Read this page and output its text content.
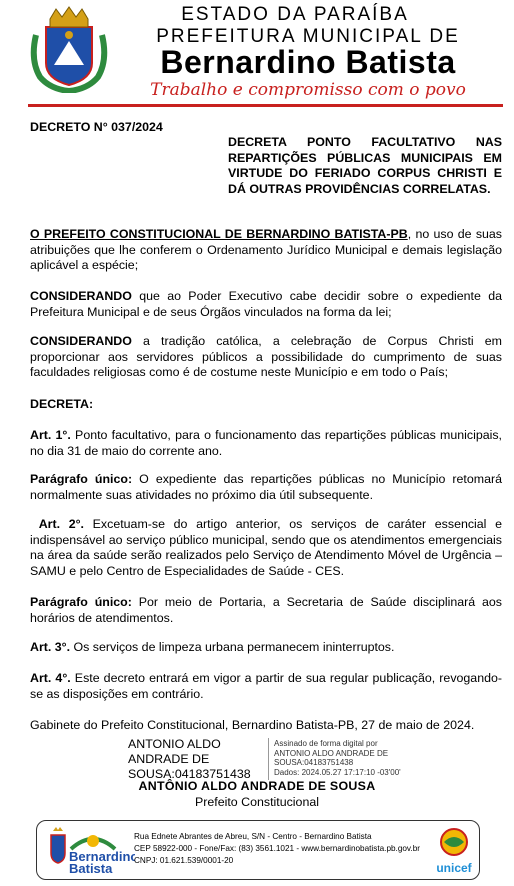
ESTADO DA PARAÍBA
PREFEITURA MUNICIPAL DE
Bernardino Batista
Trabalho e compromisso com o povo
DECRETO N° 037/2024
DECRETA PONTO FACULTATIVO NAS REPARTIÇÕES PÚBLICAS MUNICIPAIS EM VIRTUDE DO FERIADO CORPUS CHRISTI E DÁ OUTRAS PROVIDÊNCIAS CORRELATAS.
O PREFEITO CONSTITUCIONAL DE BERNARDINO BATISTA-PB, no uso de suas atribuições que lhe conferem o Ordenamento Jurídico Municipal e demais legislação aplicável a espécie;
CONSIDERANDO que ao Poder Executivo cabe decidir sobre o expediente da Prefeitura Municipal e de seus Órgãos vinculados na forma da lei;
CONSIDERANDO a tradição católica, a celebração de Corpus Christi em proporcionar aos servidores públicos a possibilidade do cumprimento de suas faculdades religiosas como é de costume neste Município e em todo o País;
DECRETA:
Art. 1°. Ponto facultativo, para o funcionamento das repartições públicas municipais, no dia 31 de maio do corrente ano.
Parágrafo único: O expediente das repartições públicas no Município retomará normalmente suas atividades no próximo dia útil subsequente.
Art. 2°. Excetuam-se do artigo anterior, os serviços de caráter essencial e indispensável ao serviço público municipal, sendo que os atendimentos emergenciais na área da saúde serão realizados pelo Serviço de Atendimento Móvel de Urgência – SAMU e pelo Centro de Especialidades de Saúde - CES.
Parágrafo único: Por meio de Portaria, a Secretaria de Saúde disciplinará aos horários de atendimentos.
Art. 3°. Os serviços de limpeza urbana permanecem ininterruptos.
Art. 4°. Este decreto entrará em vigor a partir de sua regular publicação, revogando-se as disposições em contrário.
Gabinete do Prefeito Constitucional, Bernardino Batista-PB, 27 de maio de 2024.
ANTONIO ALDO
ANDRADE DE
SOUSA:04183751438
Assinado de forma digital por
ANTONIO ALDO ANDRADE DE
SOUSA:04183751438
Dados: 2024.05.27 17:17:10 -03'00'
ANTÔNIO ALDO ANDRADE DE SOUSA
Prefeito Constitucional
Bernardino
Batista
Rua Ednete Abrantes de Abreu, S/N - Centro - Bernardino Batista
CEP 58922-000 - Fone/Fax: (83) 3561.1021 - www.bernardinobatista.pb.gov.br
CNPJ: 01.621.539/0001-20
unicef
